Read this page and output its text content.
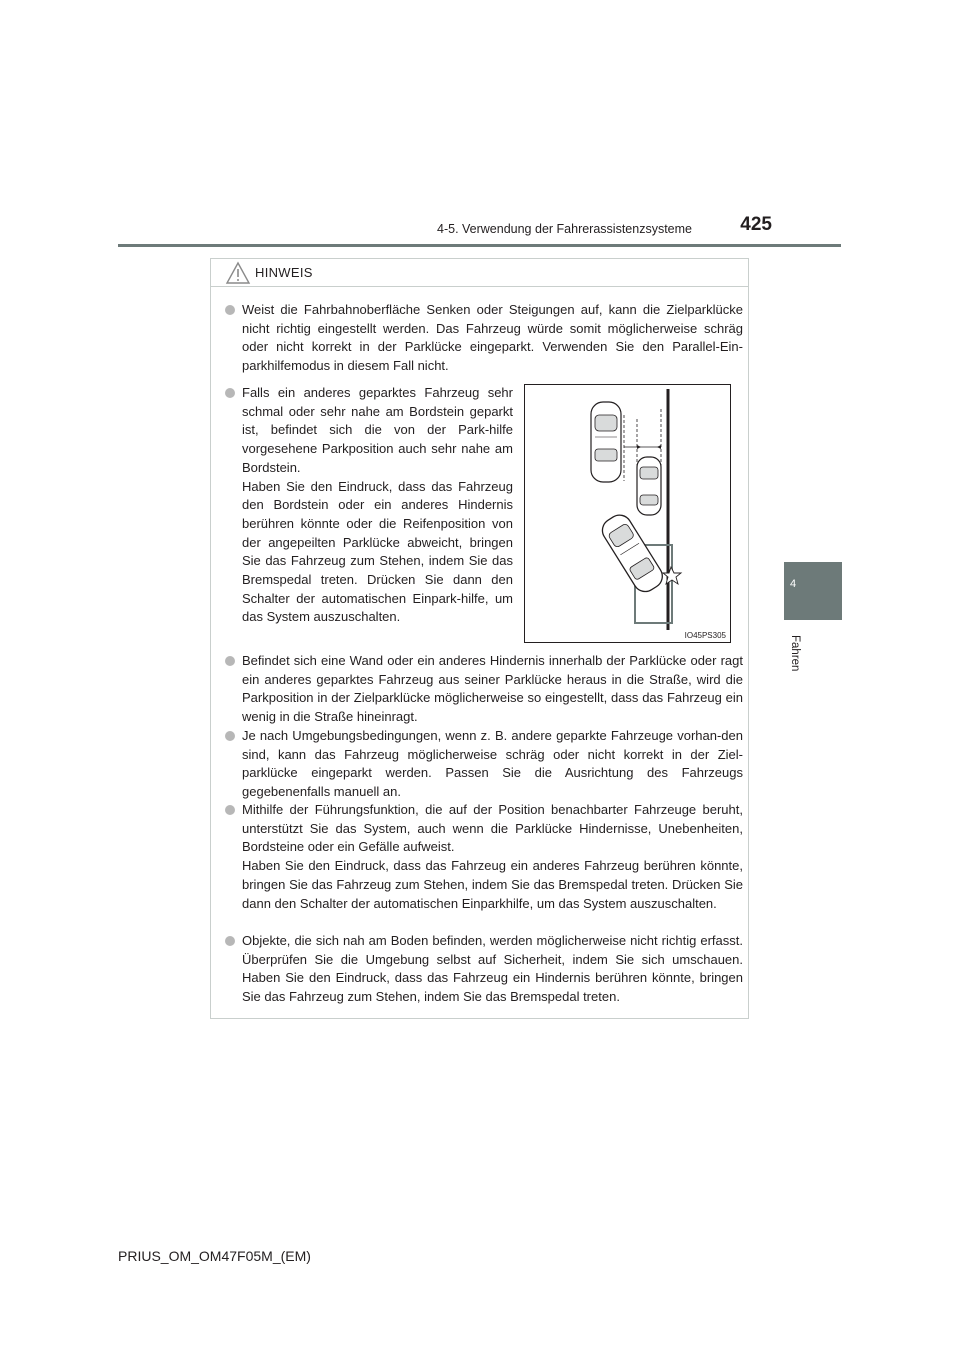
4-5. Verwendung der Fahrerassistenzsysteme	425
4
Fahren
HINWEIS
Weist die Fahrbahnoberfläche Senken oder Steigungen auf, kann die Zielparklücke nicht richtig eingestellt werden. Das Fahrzeug würde somit möglicherweise schräg oder nicht korrekt in der Parklücke eingeparkt. Verwenden Sie den Parallel-Ein-parkhilfemodus in diesem Fall nicht.
Falls ein anderes geparktes Fahrzeug sehr schmal oder sehr nahe am Bordstein geparkt ist, befindet sich die von der Park-hilfe vorgesehene Parkposition auch sehr nahe am Bordstein.
Haben Sie den Eindruck, dass das Fahrzeug den Bordstein oder ein anderes Hindernis berühren könnte oder die Reifenposition von der angepeilten Parklücke abweicht, bringen Sie das Fahrzeug zum Stehen, indem Sie das Bremspedal treten. Drücken Sie dann den Schalter der automatischen Einpark-hilfe, um das System auszuschalten.
IO45PS305
Befindet sich eine Wand oder ein anderes Hindernis innerhalb der Parklücke oder ragt ein anderes geparktes Fahrzeug aus seiner Parklücke heraus in die Straße, wird die Parkposition in der Zielparklücke möglicherweise so eingestellt, dass das Fahrzeug ein wenig in die Straße hineinragt.
Je nach Umgebungsbedingungen, wenn z. B. andere geparkte Fahrzeuge vorhan-den sind, kann das Fahrzeug möglicherweise schräg oder nicht korrekt in der Ziel-parklücke eingeparkt werden. Passen Sie die Ausrichtung des Fahrzeugs gegebenenfalls manuell an.
Mithilfe der Führungsfunktion, die auf der Position benachbarter Fahrzeuge beruht, unterstützt Sie das System, auch wenn die Parklücke Hindernisse, Unebenheiten, Bordsteine oder ein Gefälle aufweist.
Haben Sie den Eindruck, dass das Fahrzeug ein anderes Fahrzeug berühren könnte, bringen Sie das Fahrzeug zum Stehen, indem Sie das Bremspedal treten. Drücken Sie dann den Schalter der automatischen Einparkhilfe, um das System auszuschalten.
Objekte, die sich nah am Boden befinden, werden möglicherweise nicht richtig erfasst. Überprüfen Sie die Umgebung selbst auf Sicherheit, indem Sie sich umschauen. Haben Sie den Eindruck, dass das Fahrzeug ein Hindernis berühren könnte, bringen Sie das Fahrzeug zum Stehen, indem Sie das Bremspedal treten.
PRIUS_OM_OM47F05M_(EM)
